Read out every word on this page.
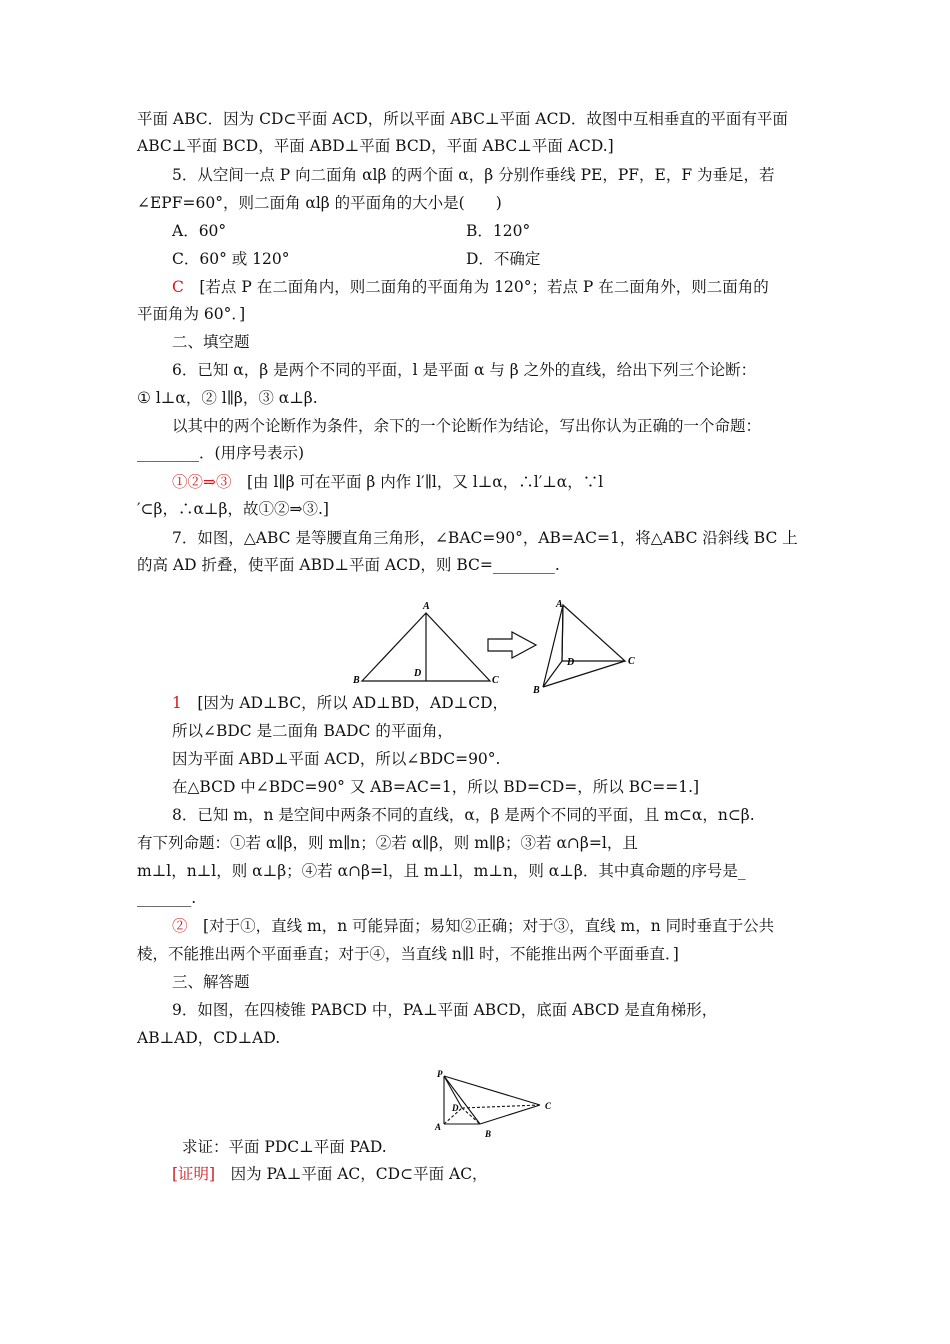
平面 ABC．因为 CD⊂平面 ACD，所以平面 ABC⊥平面 ACD．故图中互相垂直的平面有平面
ABC⊥平面 BCD，平面 ABD⊥平面 BCD，平面 ABC⊥平面 ACD.]
5．从空间一点 P 向二面角 αlβ 的两个面 α，β 分别作垂线 PE，PF，E，F 为垂足，若
∠EPF=60°，则二面角 αlβ 的平面角的大小是(　　)
A．60°	B．120°
C．60° 或 120°	D．不确定
C　[若点 P 在二面角内，则二面角的平面角为 120°；若点 P 在二面角外，则二面角的
平面角为 60°．]
二、填空题
6．已知 α，β 是两个不同的平面，l 是平面 α 与 β 之外的直线，给出下列三个论断：
① l⊥α，② l∥β，③ α⊥β.
以其中的两个论断作为条件，余下的一个论断作为结论，写出你认为正确的一个命题：
________．(用序号表示)
①②⇒③　[由 l∥β 可在平面 β 内作 l′∥l，又 l⊥α，∴l′⊥α，∵l
′⊂β，∴α⊥β，故①②⇒③.]
7．如图，△ABC 是等腰直角三角形，∠BAC=90°，AB=AC=1，将△ABC 沿斜线 BC 上
的高 AD 折叠，使平面 ABD⊥平面 ACD，则 BC=________.
1　[因为 AD⊥BC，所以 AD⊥BD，AD⊥CD，
所以∠BDC 是二面角 BADC 的平面角，
因为平面 ABD⊥平面 ACD，所以∠BDC=90°.
在△BCD 中∠BDC=90° 又 AB=AC=1，所以 BD=CD=，所以 BC==1.]
8．已知 m，n 是空间中两条不同的直线，α，β 是两个不同的平面，且 m⊂α，n⊂β.
有下列命题：①若 α∥β，则 m∥n；②若 α∥β，则 m∥β；③若 α∩β=l，且
m⊥l，n⊥l，则 α⊥β；④若 α∩β=l，且 m⊥l，m⊥n，则 α⊥β．其中真命题的序号是_
_______.
②　[对于①，直线 m，n 可能异面；易知②正确；对于③，直线 m，n 同时垂直于公共
棱，不能推出两个平面垂直；对于④，当直线 n∥l 时，不能推出两个平面垂直．]
三、解答题
9．如图，在四棱锥 PABCD 中，PA⊥平面 ABCD，底面 ABCD 是直角梯形，
AB⊥AD，CD⊥AD.
求证：平面 PDC⊥平面 PAD.
[证明]　因为 PA⊥平面 AC，CD⊂平面 AC，
A
B	C
D
A
B
C
D
P
A
B
C
D
